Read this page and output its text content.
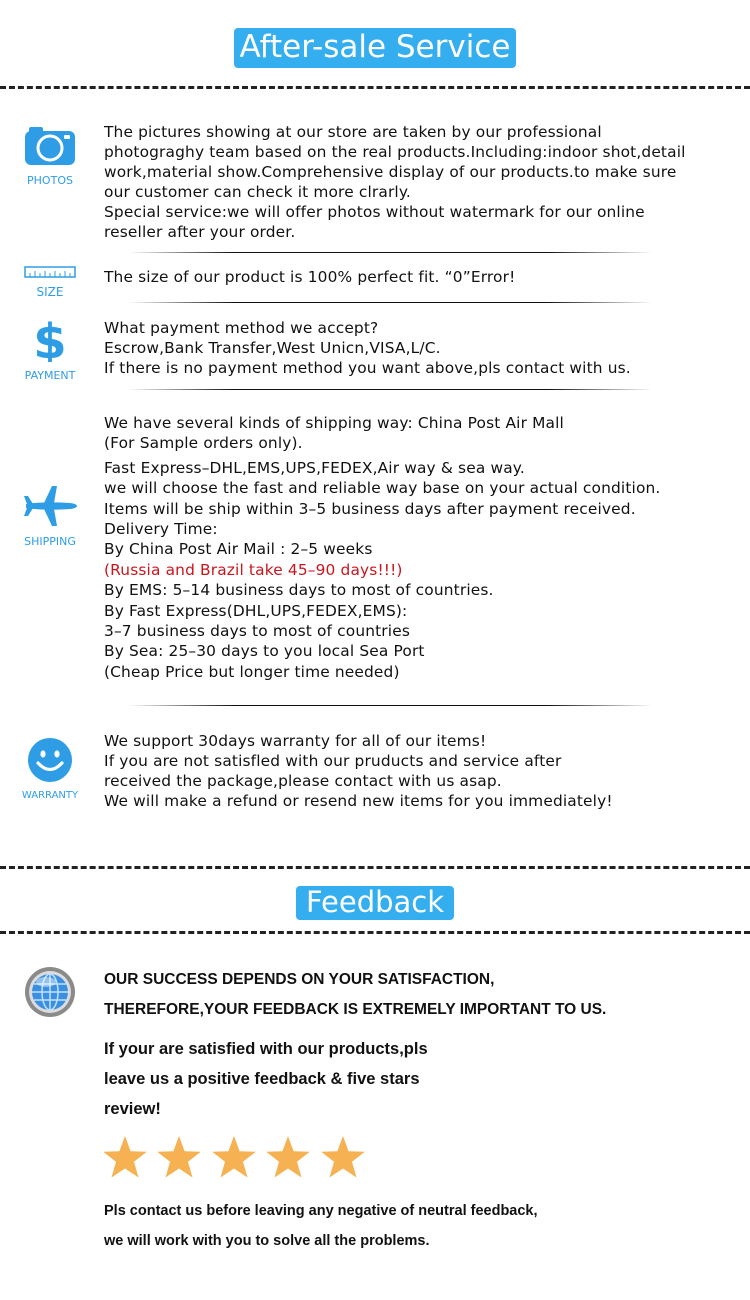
After-sale Service
PHOTOS
The pictures showing at our store are taken by our professional
photograghy team based on the real products.Including:indoor shot,detail
work,material show.Comprehensive display of our products.to make sure
our customer can check it more clrarly.
Special service:we will offer photos without watermark for our online
reseller after your order.
SIZE
The size of our product is 100% perfect fit. “0”Error!
$
PAYMENT
What payment method we accept?
Escrow,Bank Transfer,West Unicn,VISA,L/C.
If there is no payment method you want above,pls contact with us.
SHIPPING
We have several kinds of shipping way: China Post Air Mall
(For Sample orders only).
Fast Express–DHL,EMS,UPS,FEDEX,Air way & sea way.
we will choose the fast and reliable way base on your actual condition.
Items will be ship within 3–5 business days after payment received.
Delivery Time:
By China Post Air Mail : 2–5 weeks
(Russia and Brazil take 45–90 days!!!)
By EMS: 5–14 business days to most of countries.
By Fast Express(DHL,UPS,FEDEX,EMS):
3–7 business days to most of countries
By Sea: 25–30 days to you local Sea Port
(Cheap Price but longer time needed)
WARRANTY
We support 30days warranty for all of our items!
If you are not satisfled with our pruducts and service after
received the package,please contact with us asap.
We will make a refund or resend new items for you immediately!
Feedback
OUR SUCCESS DEPENDS ON YOUR SATISFACTION,
THEREFORE,YOUR FEEDBACK IS EXTREMELY IMPORTANT TO US.
If your are satisfied with our products,pls
leave us a positive feedback & five stars
review!

Pls contact us before leaving any negative of neutral feedback,
we will work with you to solve all the problems.
